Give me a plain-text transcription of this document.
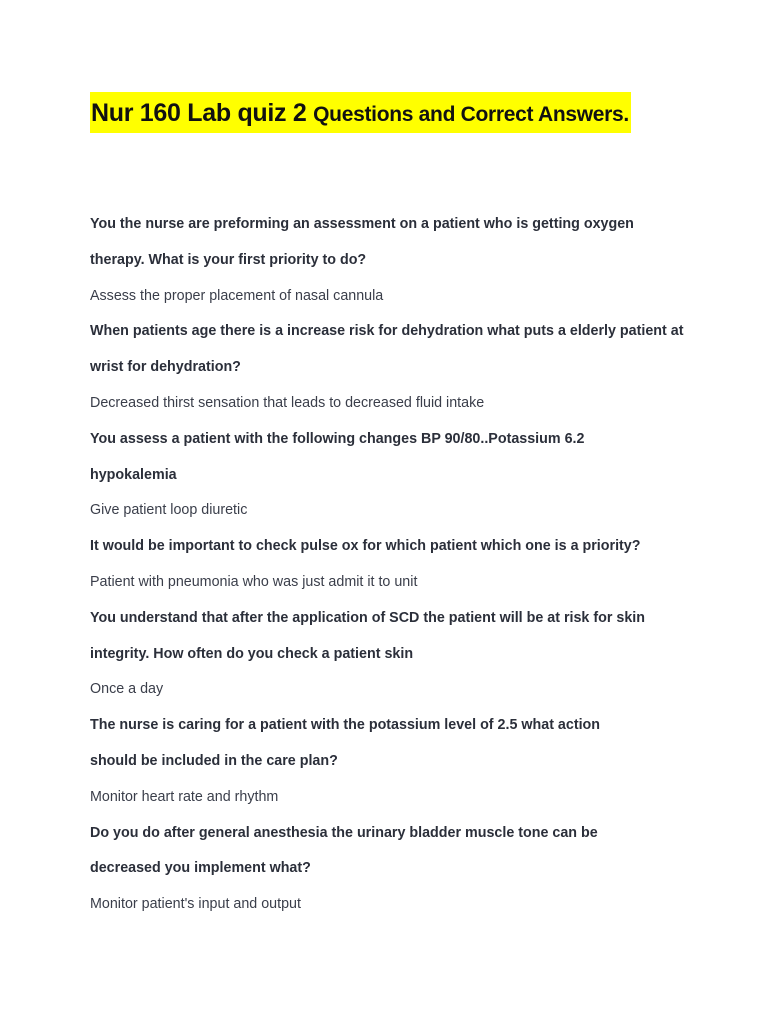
Nur 160 Lab quiz 2 Questions and Correct Answers.

You the nurse are preforming an assessment on a patient who is getting oxygen therapy. What is your first priority to do?

Assess the proper placement of nasal cannula

When patients age there is a increase risk for dehydration what puts a elderly patient at wrist for dehydration?

Decreased thirst sensation that leads to decreased fluid intake

You assess a patient with the following changes BP 90/80..Potassium 6.2 hypokalemia

Give patient loop diuretic

It would be important to check pulse ox for which patient which one is a priority?

Patient with pneumonia who was just admit it to unit

You understand that after the application of SCD the patient will be at risk for skin integrity. How often do you check a patient skin

Once a day

The nurse is caring for a patient with the potassium level of 2.5 what action should be included in the care plan?

Monitor heart rate and rhythm

Do you do after general anesthesia the urinary bladder muscle tone can be decreased you implement what?

Monitor patient's input and output
